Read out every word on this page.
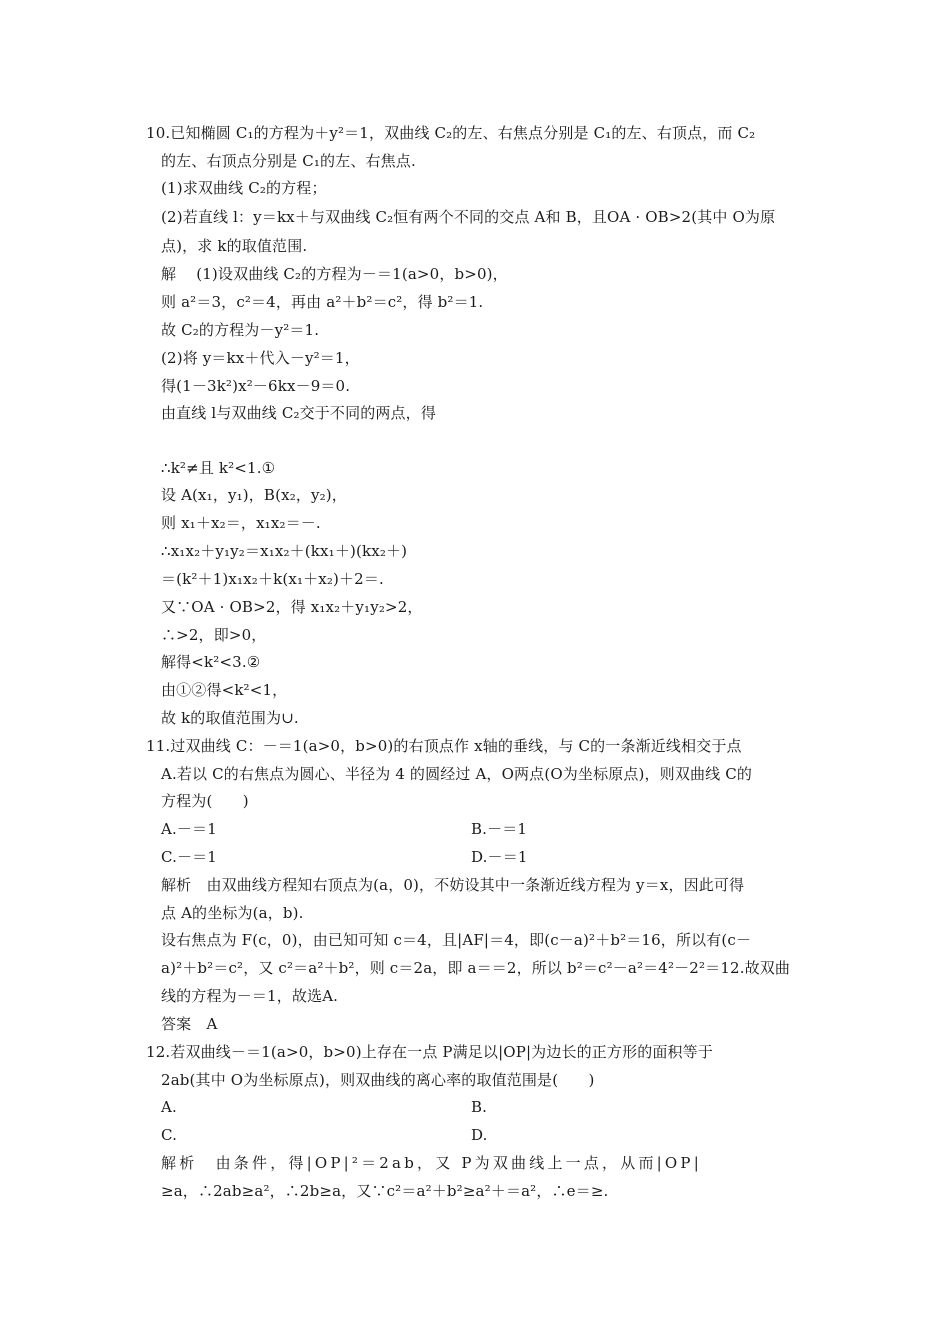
10.已知椭圆 C₁的方程为＋y²＝1，双曲线 C₂的左、右焦点分别是 C₁的左、右顶点，而 C₂
的左、右顶点分别是 C₁的左、右焦点.
(1)求双曲线 C₂的方程；
(2)若直线 l：y＝kx＋与双曲线 C₂恒有两个不同的交点 A和 B，且OA · OB>2(其中 O为原
点)，求 k的取值范围.
解 　(1)设双曲线 C₂的方程为－＝1(a>0，b>0)，
则 a²＝3，c²＝4，再由 a²＋b²＝c²，得 b²＝1.
故 C₂的方程为－y²＝1.
(2)将 y＝kx＋代入－y²＝1，
得(1－3k²)x²－6kx－9＝0.
由直线 l与双曲线 C₂交于不同的两点，得
∴k²≠且 k²<1.①
设 A(x₁，y₁)，B(x₂，y₂)，
则 x₁＋x₂＝，x₁x₂＝－.
∴x₁x₂＋y₁y₂＝x₁x₂＋(kx₁＋)(kx₂＋)
＝(k²＋1)x₁x₂＋k(x₁＋x₂)＋2＝.
又∵OA · OB>2，得 x₁x₂＋y₁y₂>2，
∴>2，即>0，
解得<k²<3.②
由①②得<k²<1，
故 k的取值范围为∪.
11.过双曲线 C：－＝1(a>0，b>0)的右顶点作 x轴的垂线，与 C的一条渐近线相交于点
A.若以 C的右焦点为圆心、半径为 4 的圆经过 A，O两点(O为坐标原点)，则双曲线 C的
方程为(　　)
A.－＝1	B.－＝1
C.－＝1	D.－＝1
解析　由双曲线方程知右顶点为(a，0)，不妨设其中一条渐近线方程为 y＝x，因此可得
点 A的坐标为(a，b).
设右焦点为 F(c，0)，由已知可知 c＝4，且|AF|＝4，即(c－a)²＋b²＝16，所以有(c－
a)²＋b²＝c²，又 c²＝a²＋b²，则 c＝2a，即 a＝＝2，所以 b²＝c²－a²＝4²－2²＝12.故双曲
线的方程为－＝1，故选A.
答案　A
12.若双曲线－＝1(a>0，b>0)上存在一点 P满足以|OP|为边长的正方形的面积等于
2ab(其中 O为坐标原点)，则双曲线的离心率的取值范围是(　　)
A.	B.
C.	D.
解析　由条件，得|OP|²＝2ab，又 P为双曲线上一点，从而|OP|
≥a，∴2ab≥a²，∴2b≥a，又∵c²＝a²＋b²≥a²＋＝a²，∴e＝≥.
